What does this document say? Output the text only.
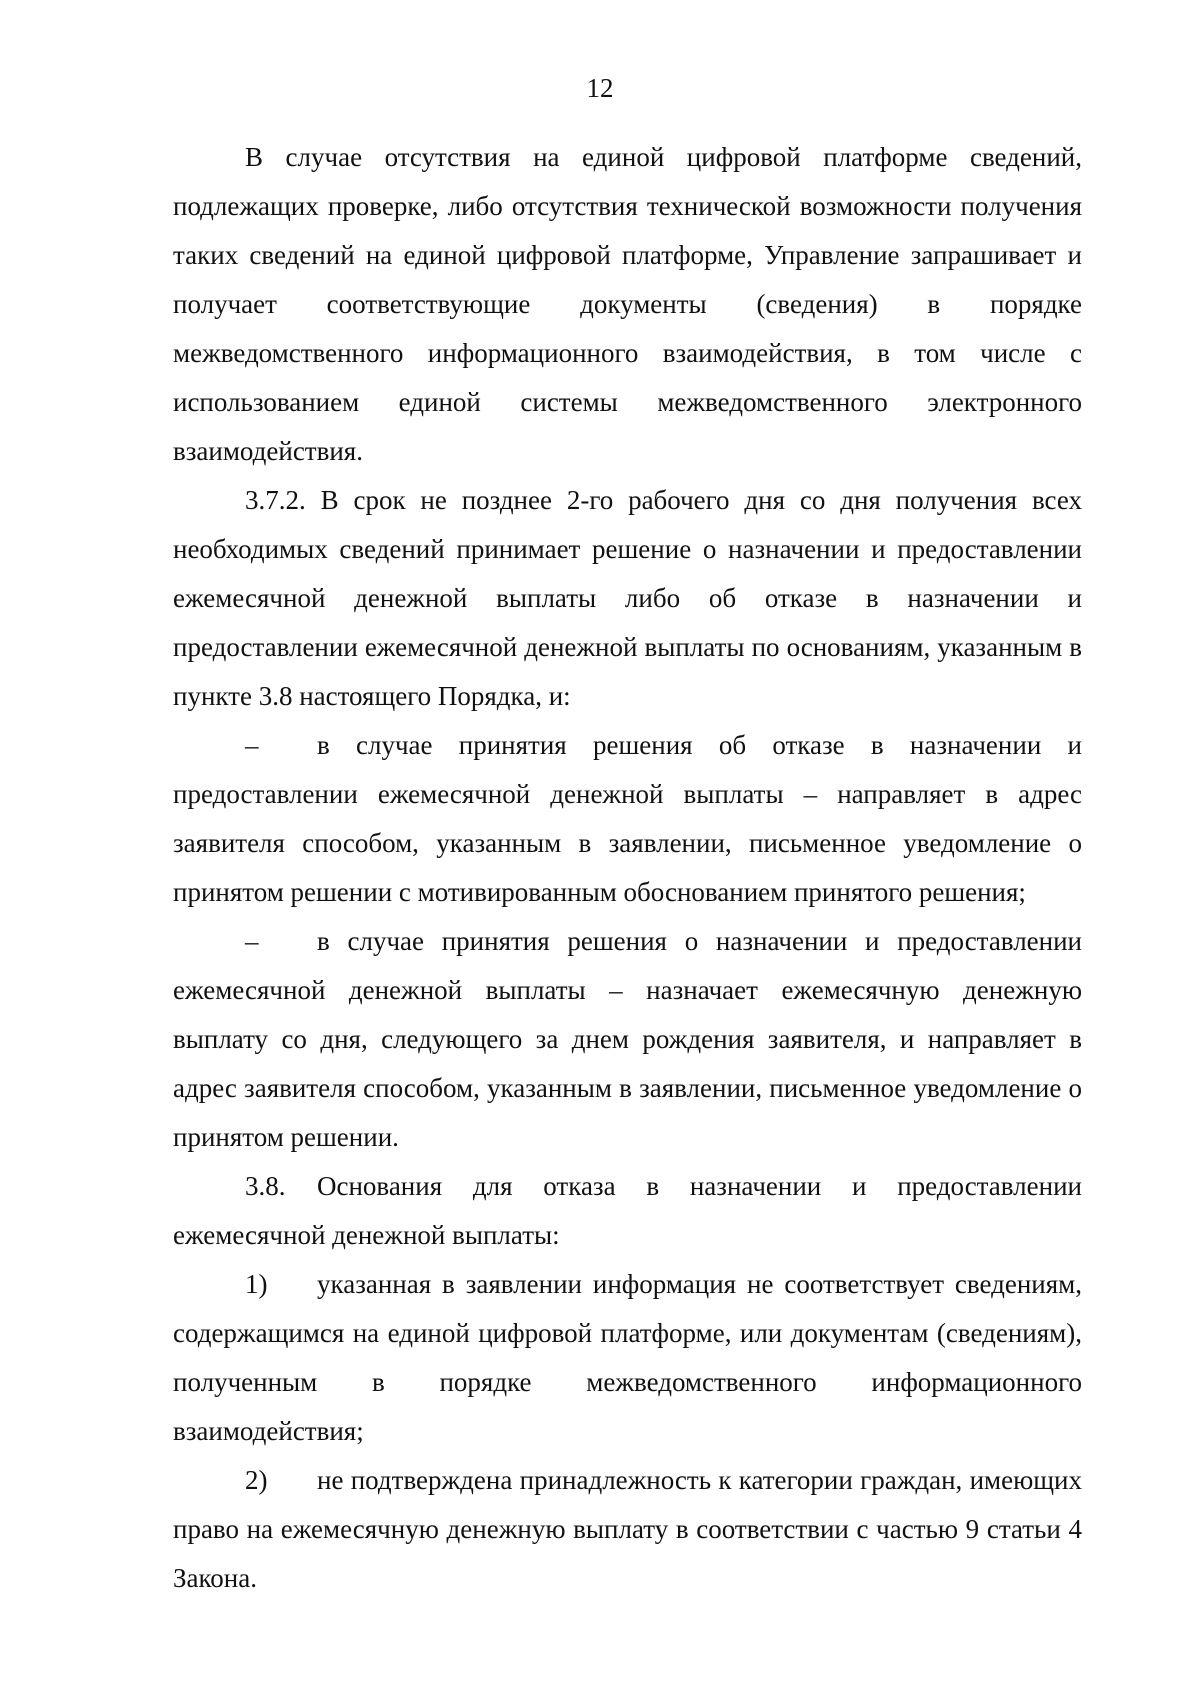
12

В случае отсутствия на единой цифровой платформе сведений, подлежащих проверке, либо отсутствия технической возможности получения таких сведений на единой цифровой платформе, Управление запрашивает и получает соответствующие документы (сведения) в порядке межведомственного информационного взаимодействия, в том числе с использованием единой системы межведомственного электронного взаимодействия.

3.7.2. В срок не позднее 2-го рабочего дня со дня получения всех необходимых сведений принимает решение о назначении и предоставлении ежемесячной денежной выплаты либо об отказе в назначении и предоставлении ежемесячной денежной выплаты по основаниям, указанным в пункте 3.8 настоящего Порядка, и:

– в случае принятия решения об отказе в назначении и предоставлении ежемесячной денежной выплаты – направляет в адрес заявителя способом, указанным в заявлении, письменное уведомление о принятом решении с мотивированным обоснованием принятого решения;

– в случае принятия решения о назначении и предоставлении ежемесячной денежной выплаты – назначает ежемесячную денежную выплату со дня, следующего за днем рождения заявителя, и направляет в адрес заявителя способом, указанным в заявлении, письменное уведомление о принятом решении.

3.8. Основания для отказа в назначении и предоставлении ежемесячной денежной выплаты:

1) указанная в заявлении информация не соответствует сведениям, содержащимся на единой цифровой платформе, или документам (сведениям), полученным в порядке межведомственного информационного взаимодействия;

2) не подтверждена принадлежность к категории граждан, имеющих право на ежемесячную денежную выплату в соответствии с частью 9 статьи 4 Закона.
